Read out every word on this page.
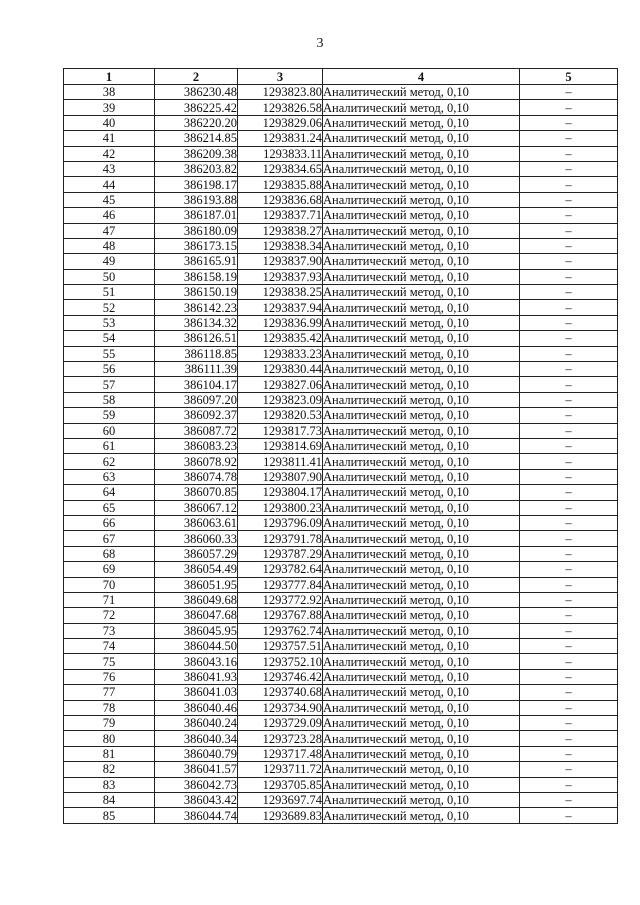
3
1	2	3	4	5
38	386230.48	1293823.80	Аналитический метод, 0,10	–
39	386225.42	1293826.58	Аналитический метод, 0,10	–
40	386220.20	1293829.06	Аналитический метод, 0,10	–
41	386214.85	1293831.24	Аналитический метод, 0,10	–
42	386209.38	1293833.11	Аналитический метод, 0,10	–
43	386203.82	1293834.65	Аналитический метод, 0,10	–
44	386198.17	1293835.88	Аналитический метод, 0,10	–
45	386193.88	1293836.68	Аналитический метод, 0,10	–
46	386187.01	1293837.71	Аналитический метод, 0,10	–
47	386180.09	1293838.27	Аналитический метод, 0,10	–
48	386173.15	1293838.34	Аналитический метод, 0,10	–
49	386165.91	1293837.90	Аналитический метод, 0,10	–
50	386158.19	1293837.93	Аналитический метод, 0,10	–
51	386150.19	1293838.25	Аналитический метод, 0,10	–
52	386142.23	1293837.94	Аналитический метод, 0,10	–
53	386134.32	1293836.99	Аналитический метод, 0,10	–
54	386126.51	1293835.42	Аналитический метод, 0,10	–
55	386118.85	1293833.23	Аналитический метод, 0,10	–
56	386111.39	1293830.44	Аналитический метод, 0,10	–
57	386104.17	1293827.06	Аналитический метод, 0,10	–
58	386097.20	1293823.09	Аналитический метод, 0,10	–
59	386092.37	1293820.53	Аналитический метод, 0,10	–
60	386087.72	1293817.73	Аналитический метод, 0,10	–
61	386083.23	1293814.69	Аналитический метод, 0,10	–
62	386078.92	1293811.41	Аналитический метод, 0,10	–
63	386074.78	1293807.90	Аналитический метод, 0,10	–
64	386070.85	1293804.17	Аналитический метод, 0,10	–
65	386067.12	1293800.23	Аналитический метод, 0,10	–
66	386063.61	1293796.09	Аналитический метод, 0,10	–
67	386060.33	1293791.78	Аналитический метод, 0,10	–
68	386057.29	1293787.29	Аналитический метод, 0,10	–
69	386054.49	1293782.64	Аналитический метод, 0,10	–
70	386051.95	1293777.84	Аналитический метод, 0,10	–
71	386049.68	1293772.92	Аналитический метод, 0,10	–
72	386047.68	1293767.88	Аналитический метод, 0,10	–
73	386045.95	1293762.74	Аналитический метод, 0,10	–
74	386044.50	1293757.51	Аналитический метод, 0,10	–
75	386043.16	1293752.10	Аналитический метод, 0,10	–
76	386041.93	1293746.42	Аналитический метод, 0,10	–
77	386041.03	1293740.68	Аналитический метод, 0,10	–
78	386040.46	1293734.90	Аналитический метод, 0,10	–
79	386040.24	1293729.09	Аналитический метод, 0,10	–
80	386040.34	1293723.28	Аналитический метод, 0,10	–
81	386040.79	1293717.48	Аналитический метод, 0,10	–
82	386041.57	1293711.72	Аналитический метод, 0,10	–
83	386042.73	1293705.85	Аналитический метод, 0,10	–
84	386043.42	1293697.74	Аналитический метод, 0,10	–
85	386044.74	1293689.83	Аналитический метод, 0,10	–
